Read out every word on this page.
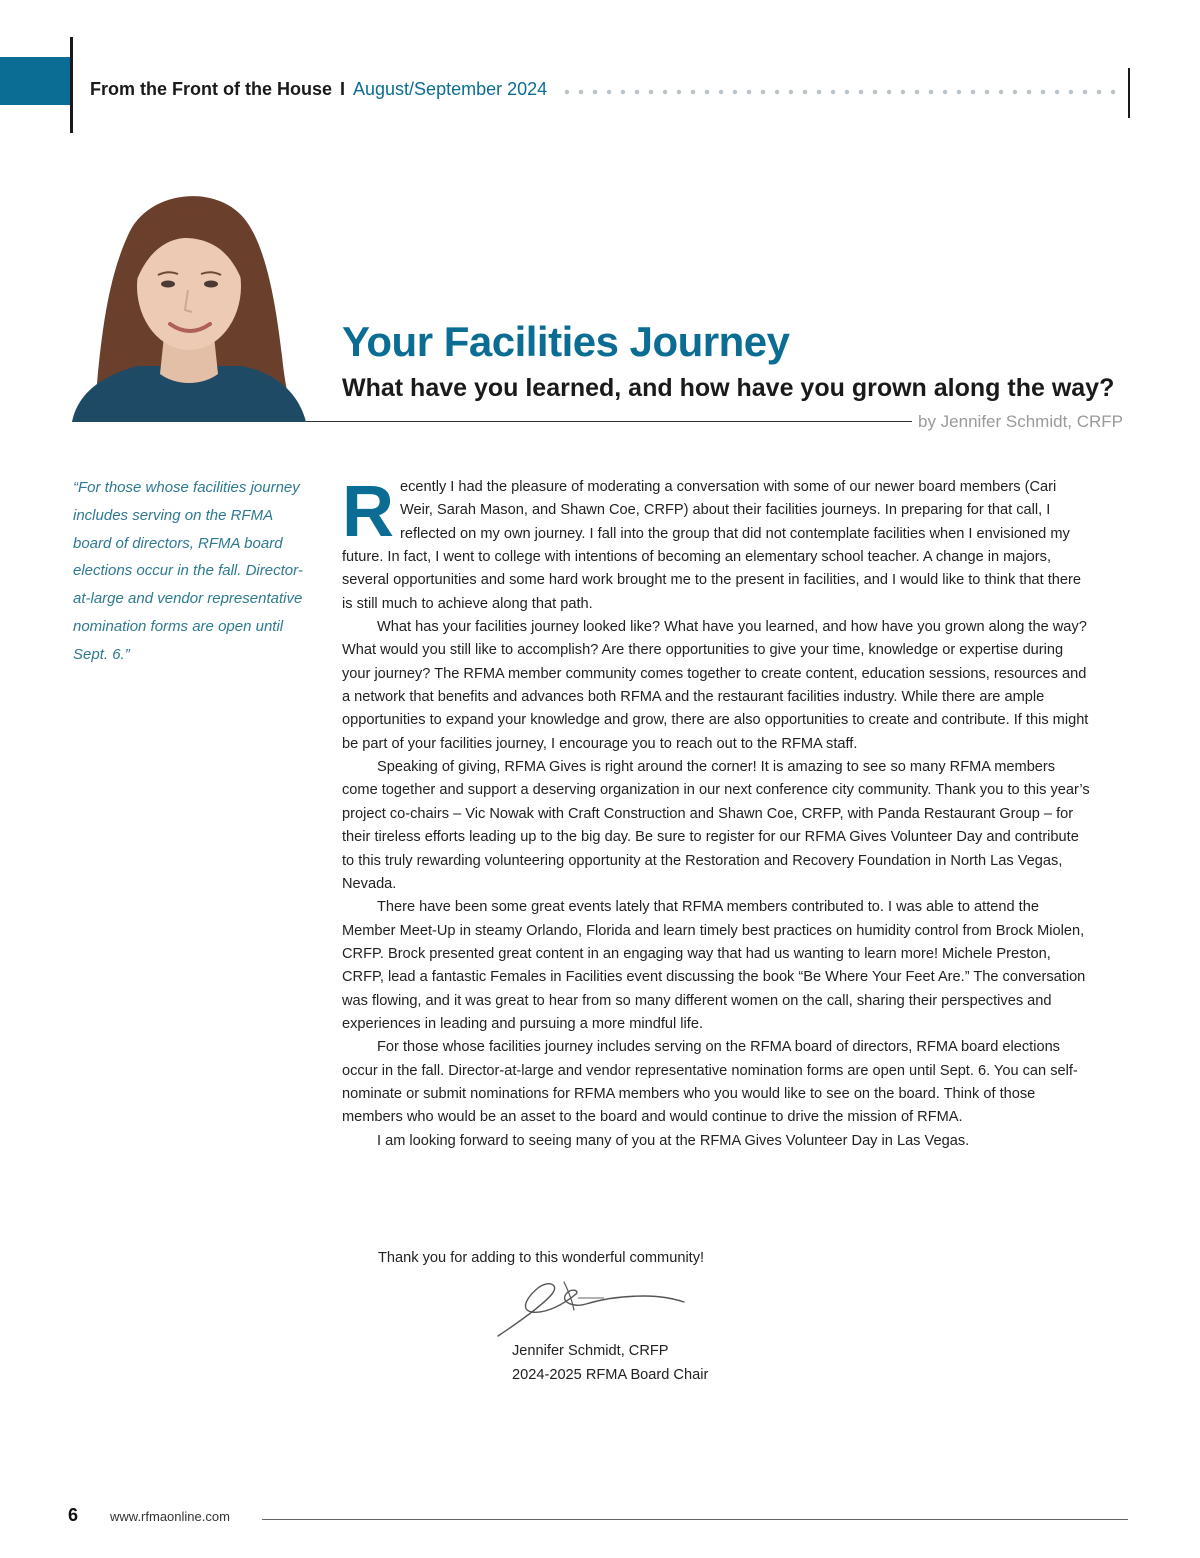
From the Front of the House I August/September 2024
Your Facilities Journey
What have you learned, and how have you grown along the way?
by Jennifer Schmidt, CRFP

“For those whose facilities journey includes serving on the RFMA board of directors, RFMA board elections occur in the fall. Director-at-large and vendor representative nomination forms are open until Sept. 6.”

Recently I had the pleasure of moderating a conversation with some of our newer board members (Cari Weir, Sarah Mason, and Shawn Coe, CRFP) about their facilities journeys. In preparing for that call, I reflected on my own journey. I fall into the group that did not contemplate facilities when I envisioned my future. In fact, I went to college with intentions of becoming an elementary school teacher. A change in majors, several opportunities and some hard work brought me to the present in facilities, and I would like to think that there is still much to achieve along that path.

What has your facilities journey looked like? What have you learned, and how have you grown along the way? What would you still like to accomplish? Are there opportunities to give your time, knowledge or expertise during your journey? The RFMA member community comes together to create content, education sessions, resources and a network that benefits and advances both RFMA and the restaurant facilities industry. While there are ample opportunities to expand your knowledge and grow, there are also opportunities to create and contribute. If this might be part of your facilities journey, I encourage you to reach out to the RFMA staff.

Speaking of giving, RFMA Gives is right around the corner! It is amazing to see so many RFMA members come together and support a deserving organization in our next conference city community. Thank you to this year’s project co-chairs – Vic Nowak with Craft Construction and Shawn Coe, CRFP, with Panda Restaurant Group – for their tireless efforts leading up to the big day. Be sure to register for our RFMA Gives Volunteer Day and contribute to this truly rewarding volunteering opportunity at the Restoration and Recovery Foundation in North Las Vegas, Nevada.

There have been some great events lately that RFMA members contributed to. I was able to attend the Member Meet-Up in steamy Orlando, Florida and learn timely best practices on humidity control from Brock Miolen, CRFP. Brock presented great content in an engaging way that had us wanting to learn more! Michele Preston, CRFP, lead a fantastic Females in Facilities event discussing the book “Be Where Your Feet Are.” The conversation was flowing, and it was great to hear from so many different women on the call, sharing their perspectives and experiences in leading and pursuing a more mindful life.

For those whose facilities journey includes serving on the RFMA board of directors, RFMA board elections occur in the fall. Director-at-large and vendor representative nomination forms are open until Sept. 6. You can self-nominate or submit nominations for RFMA members who you would like to see on the board. Think of those members who would be an asset to the board and would continue to drive the mission of RFMA.

I am looking forward to seeing many of you at the RFMA Gives Volunteer Day in Las Vegas.

Thank you for adding to this wonderful community!
Jennifer Schmidt, CRFP
2024-2025 RFMA Board Chair
6 www.rfmaonline.com
